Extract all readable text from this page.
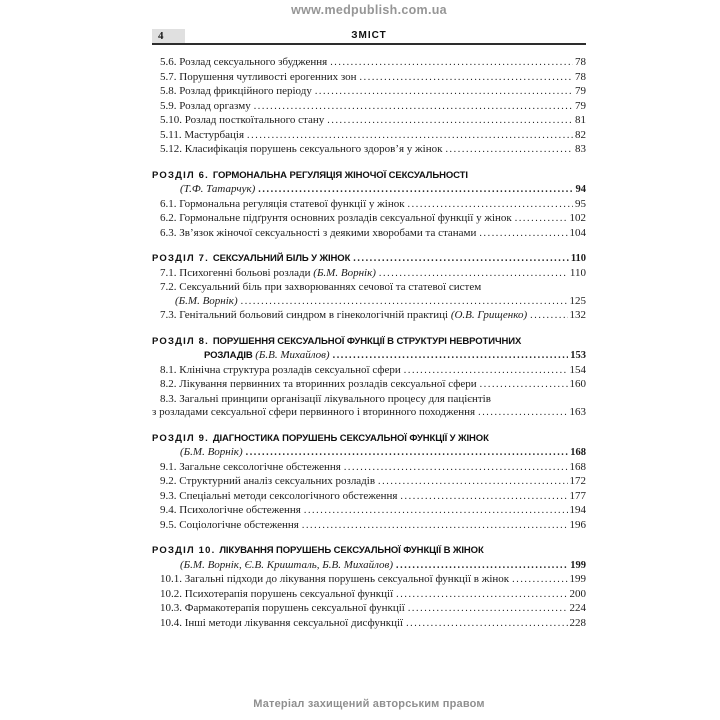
www.medpublish.com.ua
ЗМІСТ
4
5.6. Розлад сексуального збудження .....	78
5.7. Порушення чутливості ерогенних зон .....	78
5.8. Розлад фрикційного періоду .....	79
5.9. Розлад оргазму .....	79
5.10. Розлад посткоїтального стану .....	81
5.11. Мастурбація .....	82
5.12. Класифікація порушень сексуального здоров’я у жінок .....	83
РОЗДІЛ 6. ГОРМОНАЛЬНА РЕГУЛЯЦІЯ ЖІНОЧОЇ СЕКСУАЛЬНОСТІ
(Т.Ф. Татарчук) .....	94
6.1. Гормональна регуляція статевої функції у жінок .....	95
6.2. Гормональне підґрунтя основних розладів сексуальної функції у жінок .....	102
6.3. Зв’язок жіночої сексуальності з деякими хворобами та станами .....	104
РОЗДІЛ 7. СЕКСУАЛЬНИЙ БІЛЬ У ЖІНОК .....	110
7.1. Психогенні больові розлади (Б.М. Ворнік) .....	110
7.2. Сексуальний біль при захворюваннях сечової та статевої систем
(Б.М. Ворнік) .....	125
7.3. Генітальний больовий синдром в гінекологічній практиці (О.В. Грищенко) .....	132
РОЗДІЛ 8. ПОРУШЕННЯ СЕКСУАЛЬНОЇ ФУНКЦІЇ В СТРУКТУРІ НЕВРОТИЧНИХ
РОЗЛАДІВ (Б.В. Михайлов) .....	153
8.1. Клінічна структура розладів сексуальної сфери .....	154
8.2. Лікування первинних та вторинних розладів сексуальної сфери .....	160
8.3. Загальні принципи організації лікувального процесу для пацієнтів
з розладами сексуальної сфери первинного і вторинного походження .....	163
РОЗДІЛ 9. ДІАГНОСТИКА ПОРУШЕНЬ СЕКСУАЛЬНОЇ ФУНКЦІЇ У ЖІНОК
(Б.М. Ворнік) .....	168
9.1. Загальне сексологічне обстеження .....	168
9.2. Структурний аналіз сексуальних розладів .....	172
9.3. Спеціальні методи сексологічного обстеження .....	177
9.4. Психологічне обстеження .....	194
9.5. Соціологічне обстеження .....	196
РОЗДІЛ 10. ЛІКУВАННЯ ПОРУШЕНЬ СЕКСУАЛЬНОЇ ФУНКЦІЇ В ЖІНОК
(Б.М. Ворнік, Є.В. Кришталь, Б.В. Михайлов) .....	199
10.1. Загальні підходи до лікування порушень сексуальної функції в жінок .....	199
10.2. Психотерапія порушень сексуальної функції .....	200
10.3. Фармакотерапія порушень сексуальної функції .....	224
10.4. Інші методи лікування сексуальної дисфункції .....	228
Матеріал захищений авторським правом
